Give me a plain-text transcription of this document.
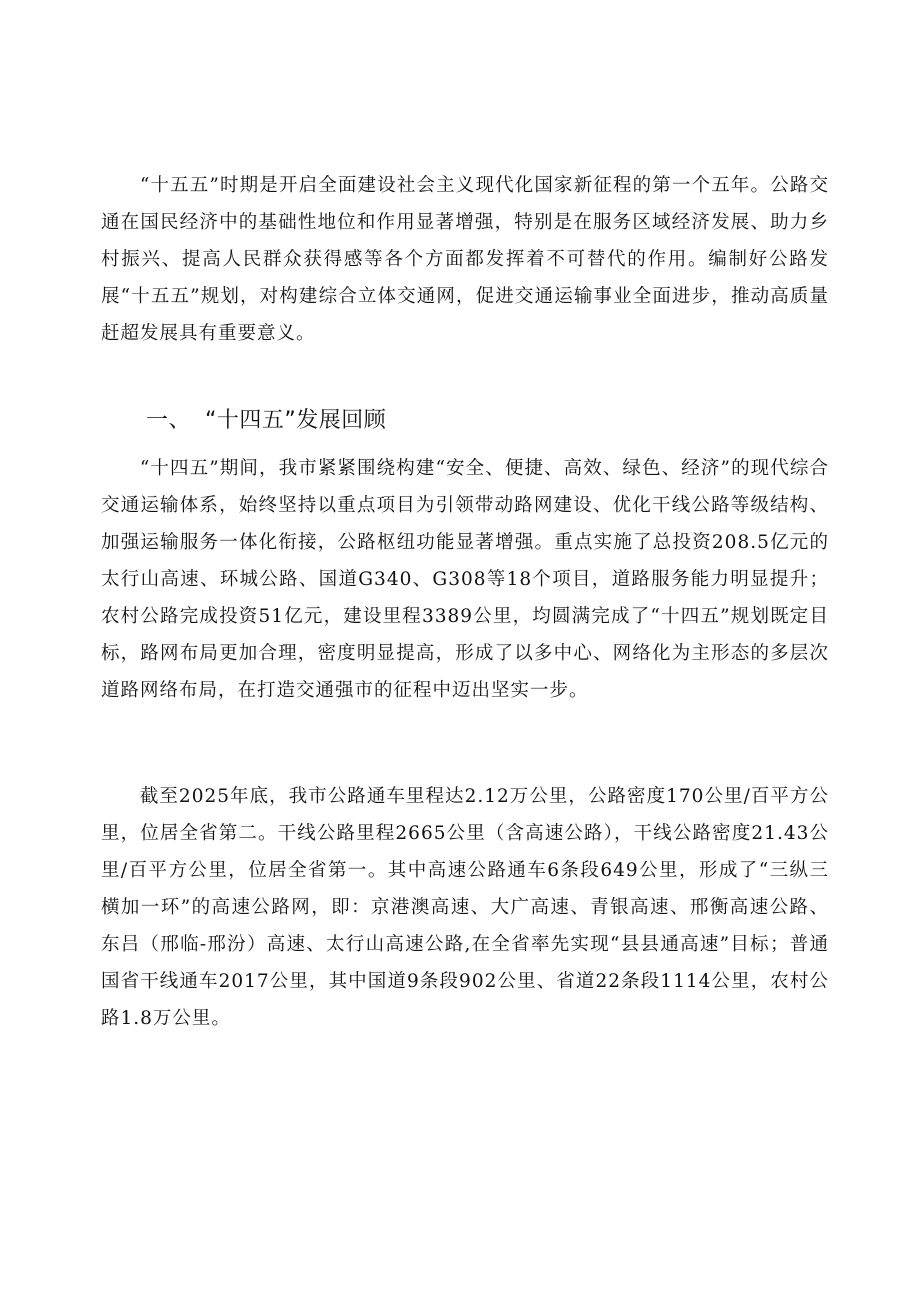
“十五五”时期是开启全面建设社会主义现代化国家新征程的第一个五年。公路交通在国民经济中的基础性地位和作用显著增强，特别是在服务区域经济发展、助力乡村振兴、提高人民群众获得感等各个方面都发挥着不可替代的作用。编制好公路发展“十五五”规划，对构建综合立体交通网，促进交通运输事业全面进步，推动高质量赶超发展具有重要意义。

一、 “十四五”发展回顾

“十四五”期间，我市紧紧围绕构建“安全、便捷、高效、绿色、经济”的现代综合交通运输体系，始终坚持以重点项目为引领带动路网建设、优化干线公路等级结构、加强运输服务一体化衔接，公路枢纽功能显著增强。重点实施了总投资208.5亿元的太行山高速、环城公路、国道G340、G308等18个项目，道路服务能力明显提升；农村公路完成投资51亿元，建设里程3389公里，均圆满完成了“十四五”规划既定目标，路网布局更加合理，密度明显提高，形成了以多中心、网络化为主形态的多层次道路网络布局，在打造交通强市的征程中迈出坚实一步。

截至2025年底，我市公路通车里程达2.12万公里，公路密度170公里/百平方公里，位居全省第二。干线公路里程2665公里（含高速公路），干线公路密度21.43公里/百平方公里，位居全省第一。其中高速公路通车6条段649公里，形成了“三纵三横加一环”的高速公路网，即：京港澳高速、大广高速、青银高速、邢衡高速公路、东吕（邢临-邢汾）高速、太行山高速公路,在全省率先实现“县县通高速”目标；普通国省干线通车2017公里，其中国道9条段902公里、省道22条段1114公里，农村公路1.8万公里。
